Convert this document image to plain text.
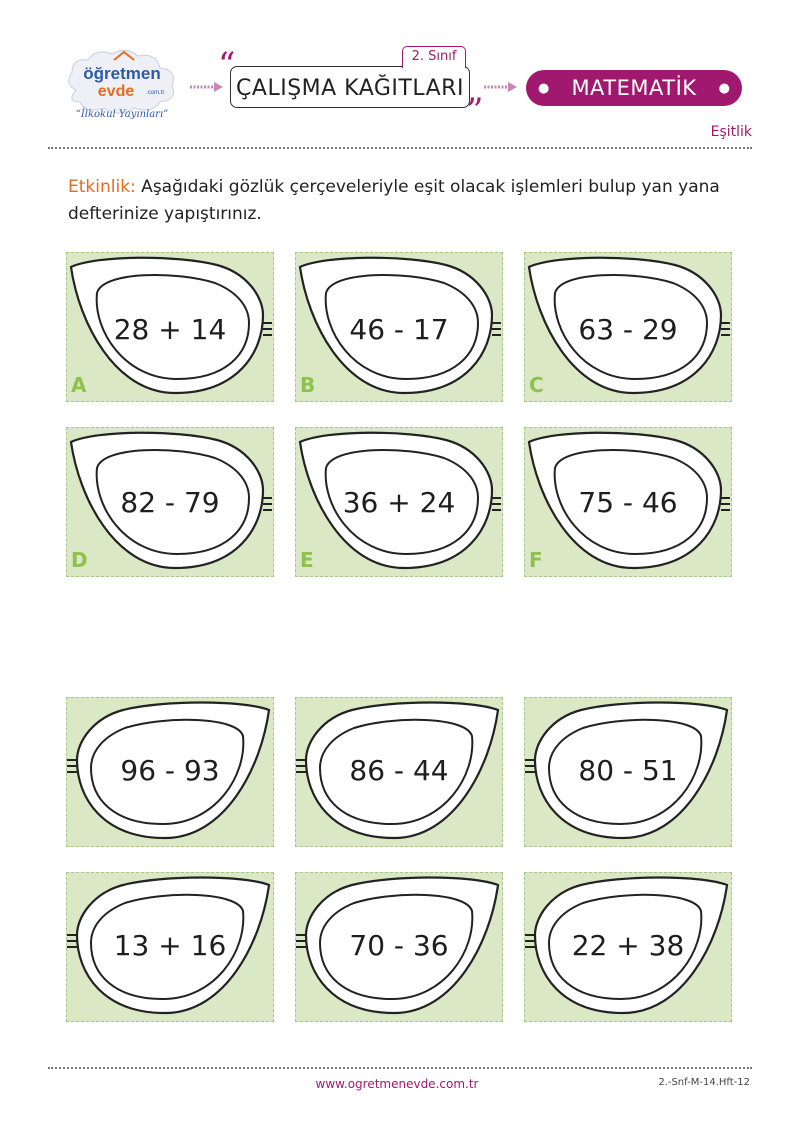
öğretmen
evde .com.tr
“İlkokul Yayınları”
“
ÇALIŞMA KAĞITLARI
2. Sınıf
”
● MATEMATİK ●
Eşitlik
Etkinlik: Aşağıdaki gözlük çerçeveleriyle eşit olacak işlemleri bulup yan yana defterinize yapıştırınız.
28 + 14
A
46 - 17
B
63 - 29
C
82 - 79
D
36 + 24
E
75 - 46
F
96 - 93	86 - 44	80 - 51
13 + 16	70 - 36	22 + 38
www.ogretmenevde.com.tr	2.-Snf-M-14.Hft-12
